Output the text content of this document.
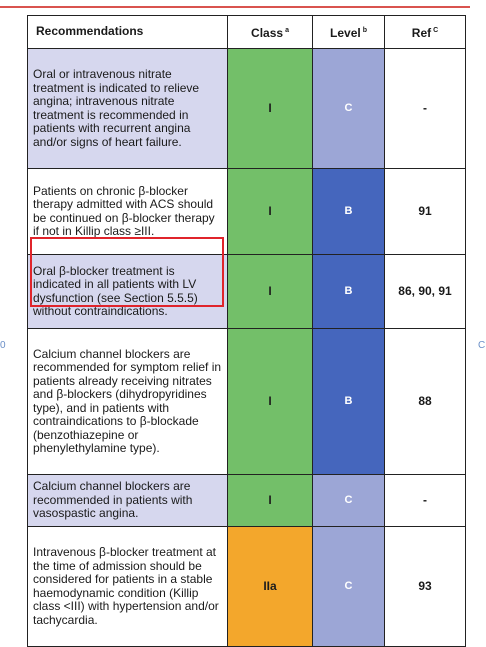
0	C
Recommendations	Class $^a$	Level $^b$	Ref $^C$
Oral or intravenous nitrate treatment is indicated to relieve angina; intravenous nitrate treatment is recommended in patients with recurrent angina and/or signs of heart failure.	I	C	-
Patients on chronic β-blocker therapy admitted with ACS should be continued on β-blocker therapy if not in Killip class ≥III.	I	B	91
Oral β-blocker treatment is indicated in all patients with LV dysfunction (see Section 5.5.5) without contraindications.	I	B	86, 90, 91
Calcium channel blockers are recommended for symptom relief in patients already receiving nitrates and β-blockers (dihydropyridines type), and in patients with contraindications to β-blockade (benzothiazepine or phenylethylamine type).	I	B	88
Calcium channel blockers are recommended in patients with vasospastic angina.	I	C	-
Intravenous β-blocker treatment at the time of admission should be considered for patients in a stable haemodynamic condition (Killip class <III) with hypertension and/or tachycardia.	IIa	C	93
